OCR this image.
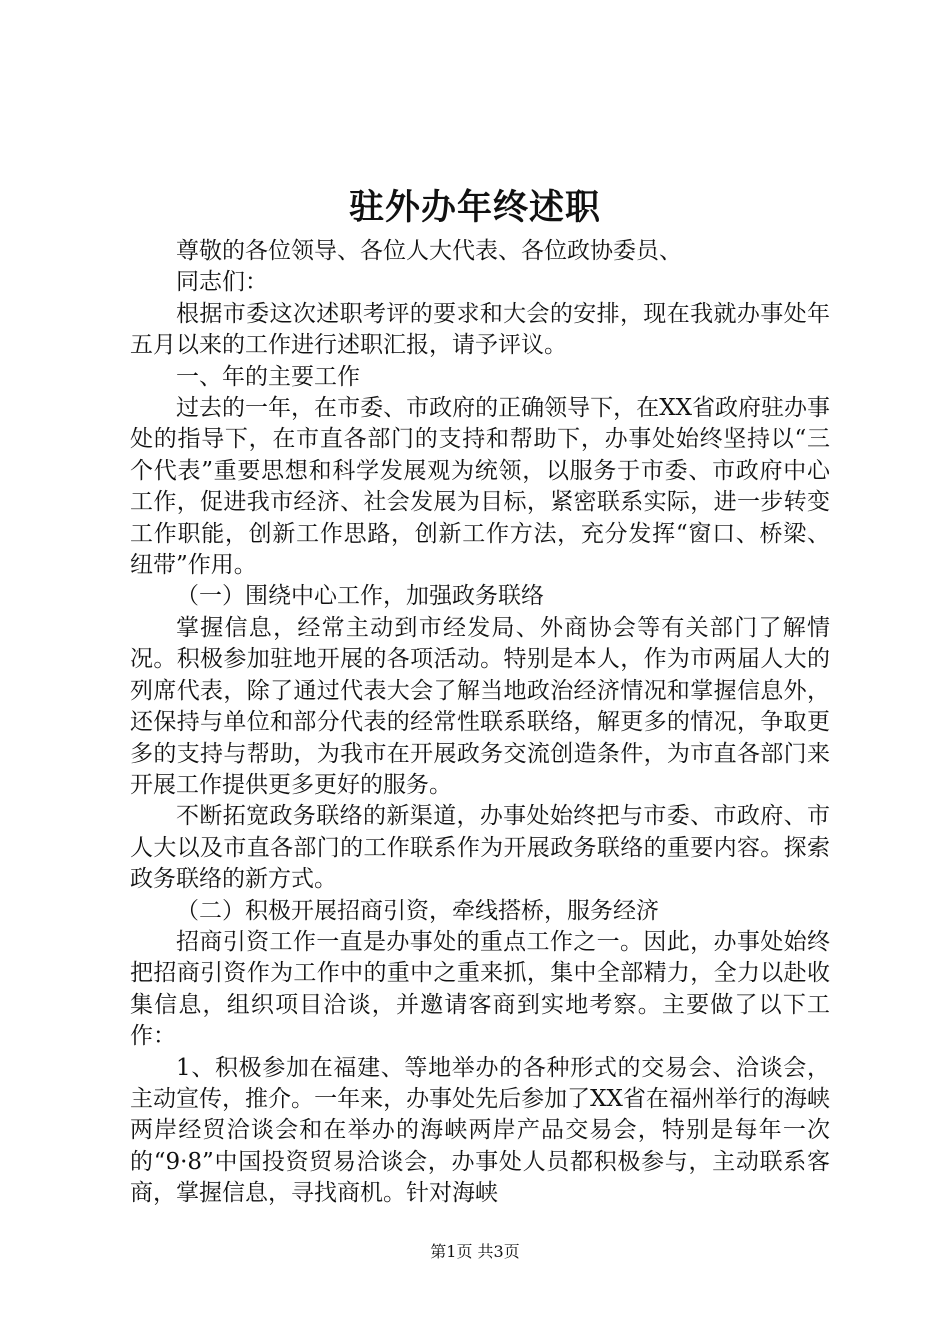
驻外办年终述职

尊敬的各位领导、各位人大代表、各位政协委员、

同志们：

根据市委这次述职考评的要求和大会的安排，现在我就办事处年五月以来的工作进行述职汇报，请予评议。

一、年的主要工作

过去的一年，在市委、市政府的正确领导下，在XX省政府驻办事处的指导下，在市直各部门的支持和帮助下，办事处始终坚持以“三个代表”重要思想和科学发展观为统领，以服务于市委、市政府中心工作，促进我市经济、社会发展为目标，紧密联系实际，进一步转变工作职能，创新工作思路，创新工作方法，充分发挥“窗口、桥梁、纽带”作用。

（一）围绕中心工作，加强政务联络

掌握信息，经常主动到市经发局、外商协会等有关部门了解情况。积极参加驻地开展的各项活动。特别是本人，作为市两届人大的列席代表，除了通过代表大会了解当地政治经济情况和掌握信息外，还保持与单位和部分代表的经常性联系联络，解更多的情况，争取更多的支持与帮助，为我市在开展政务交流创造条件，为市直各部门来开展工作提供更多更好的服务。

不断拓宽政务联络的新渠道，办事处始终把与市委、市政府、市人大以及市直各部门的工作联系作为开展政务联络的重要内容。探索政务联络的新方式。

（二）积极开展招商引资，牵线搭桥，服务经济

招商引资工作一直是办事处的重点工作之一。因此，办事处始终把招商引资作为工作中的重中之重来抓，集中全部精力，全力以赴收集信息，组织项目洽谈，并邀请客商到实地考察。主要做了以下工作：

1、积极参加在福建、等地举办的各种形式的交易会、洽谈会，主动宣传，推介。一年来，办事处先后参加了XX省在福州举行的海峡两岸经贸洽谈会和在举办的海峡两岸产品交易会，特别是每年一次的“9·8”中国投资贸易洽谈会，办事处人员都积极参与，主动联系客商，掌握信息，寻找商机。针对海峡

第1页 共3页
